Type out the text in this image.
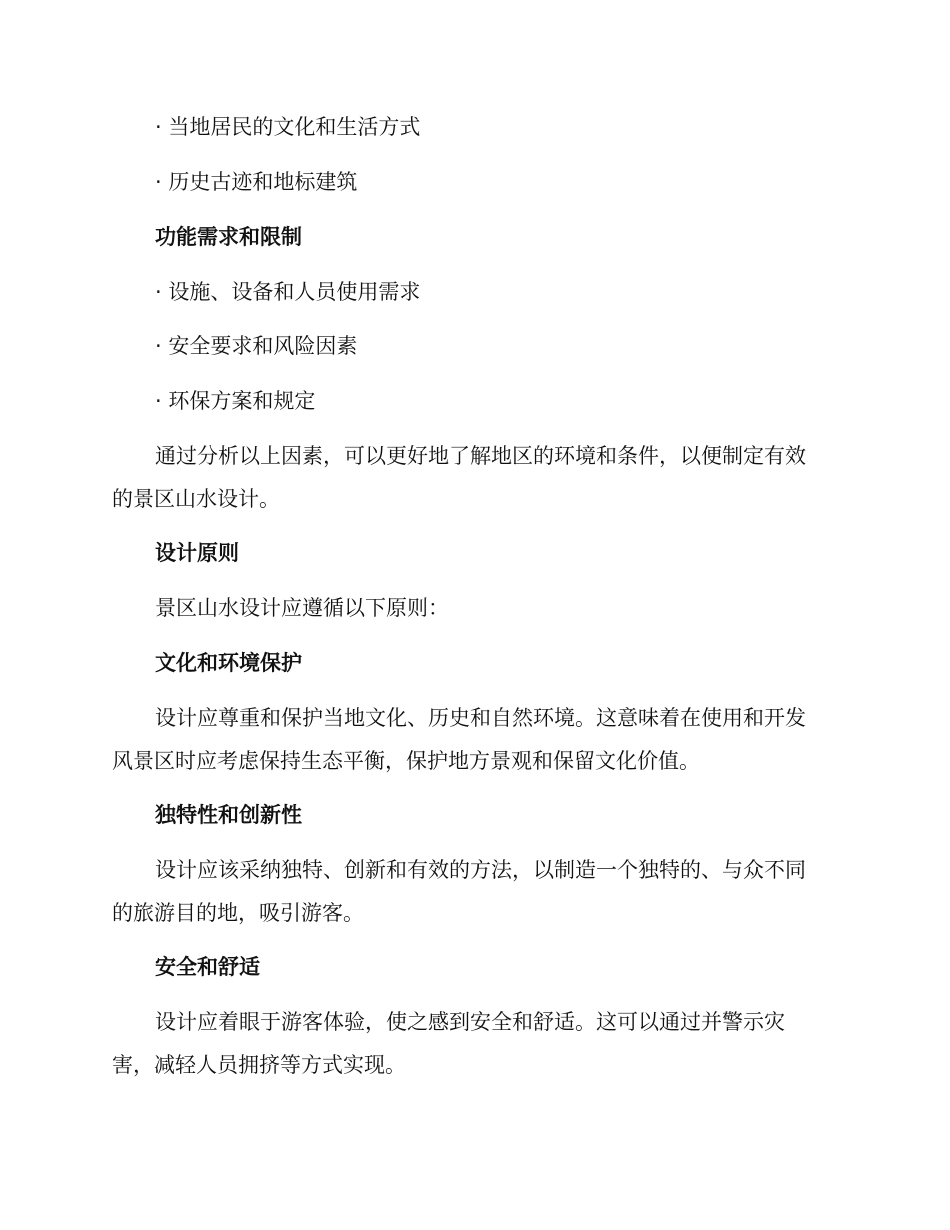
· 当地居民的文化和生活方式
· 历史古迹和地标建筑
功能需求和限制
· 设施、设备和人员使用需求
· 安全要求和风险因素
· 环保方案和规定
通过分析以上因素，可以更好地了解地区的环境和条件，以便制定有效
的景区山水设计。
设计原则
景区山水设计应遵循以下原则：
文化和环境保护
设计应尊重和保护当地文化、历史和自然环境。这意味着在使用和开发
风景区时应考虑保持生态平衡，保护地方景观和保留文化价值。
独特性和创新性
设计应该采纳独特、创新和有效的方法，以制造一个独特的、与众不同
的旅游目的地，吸引游客。
安全和舒适
设计应着眼于游客体验，使之感到安全和舒适。这可以通过并警示灾
害，减轻人员拥挤等方式实现。
